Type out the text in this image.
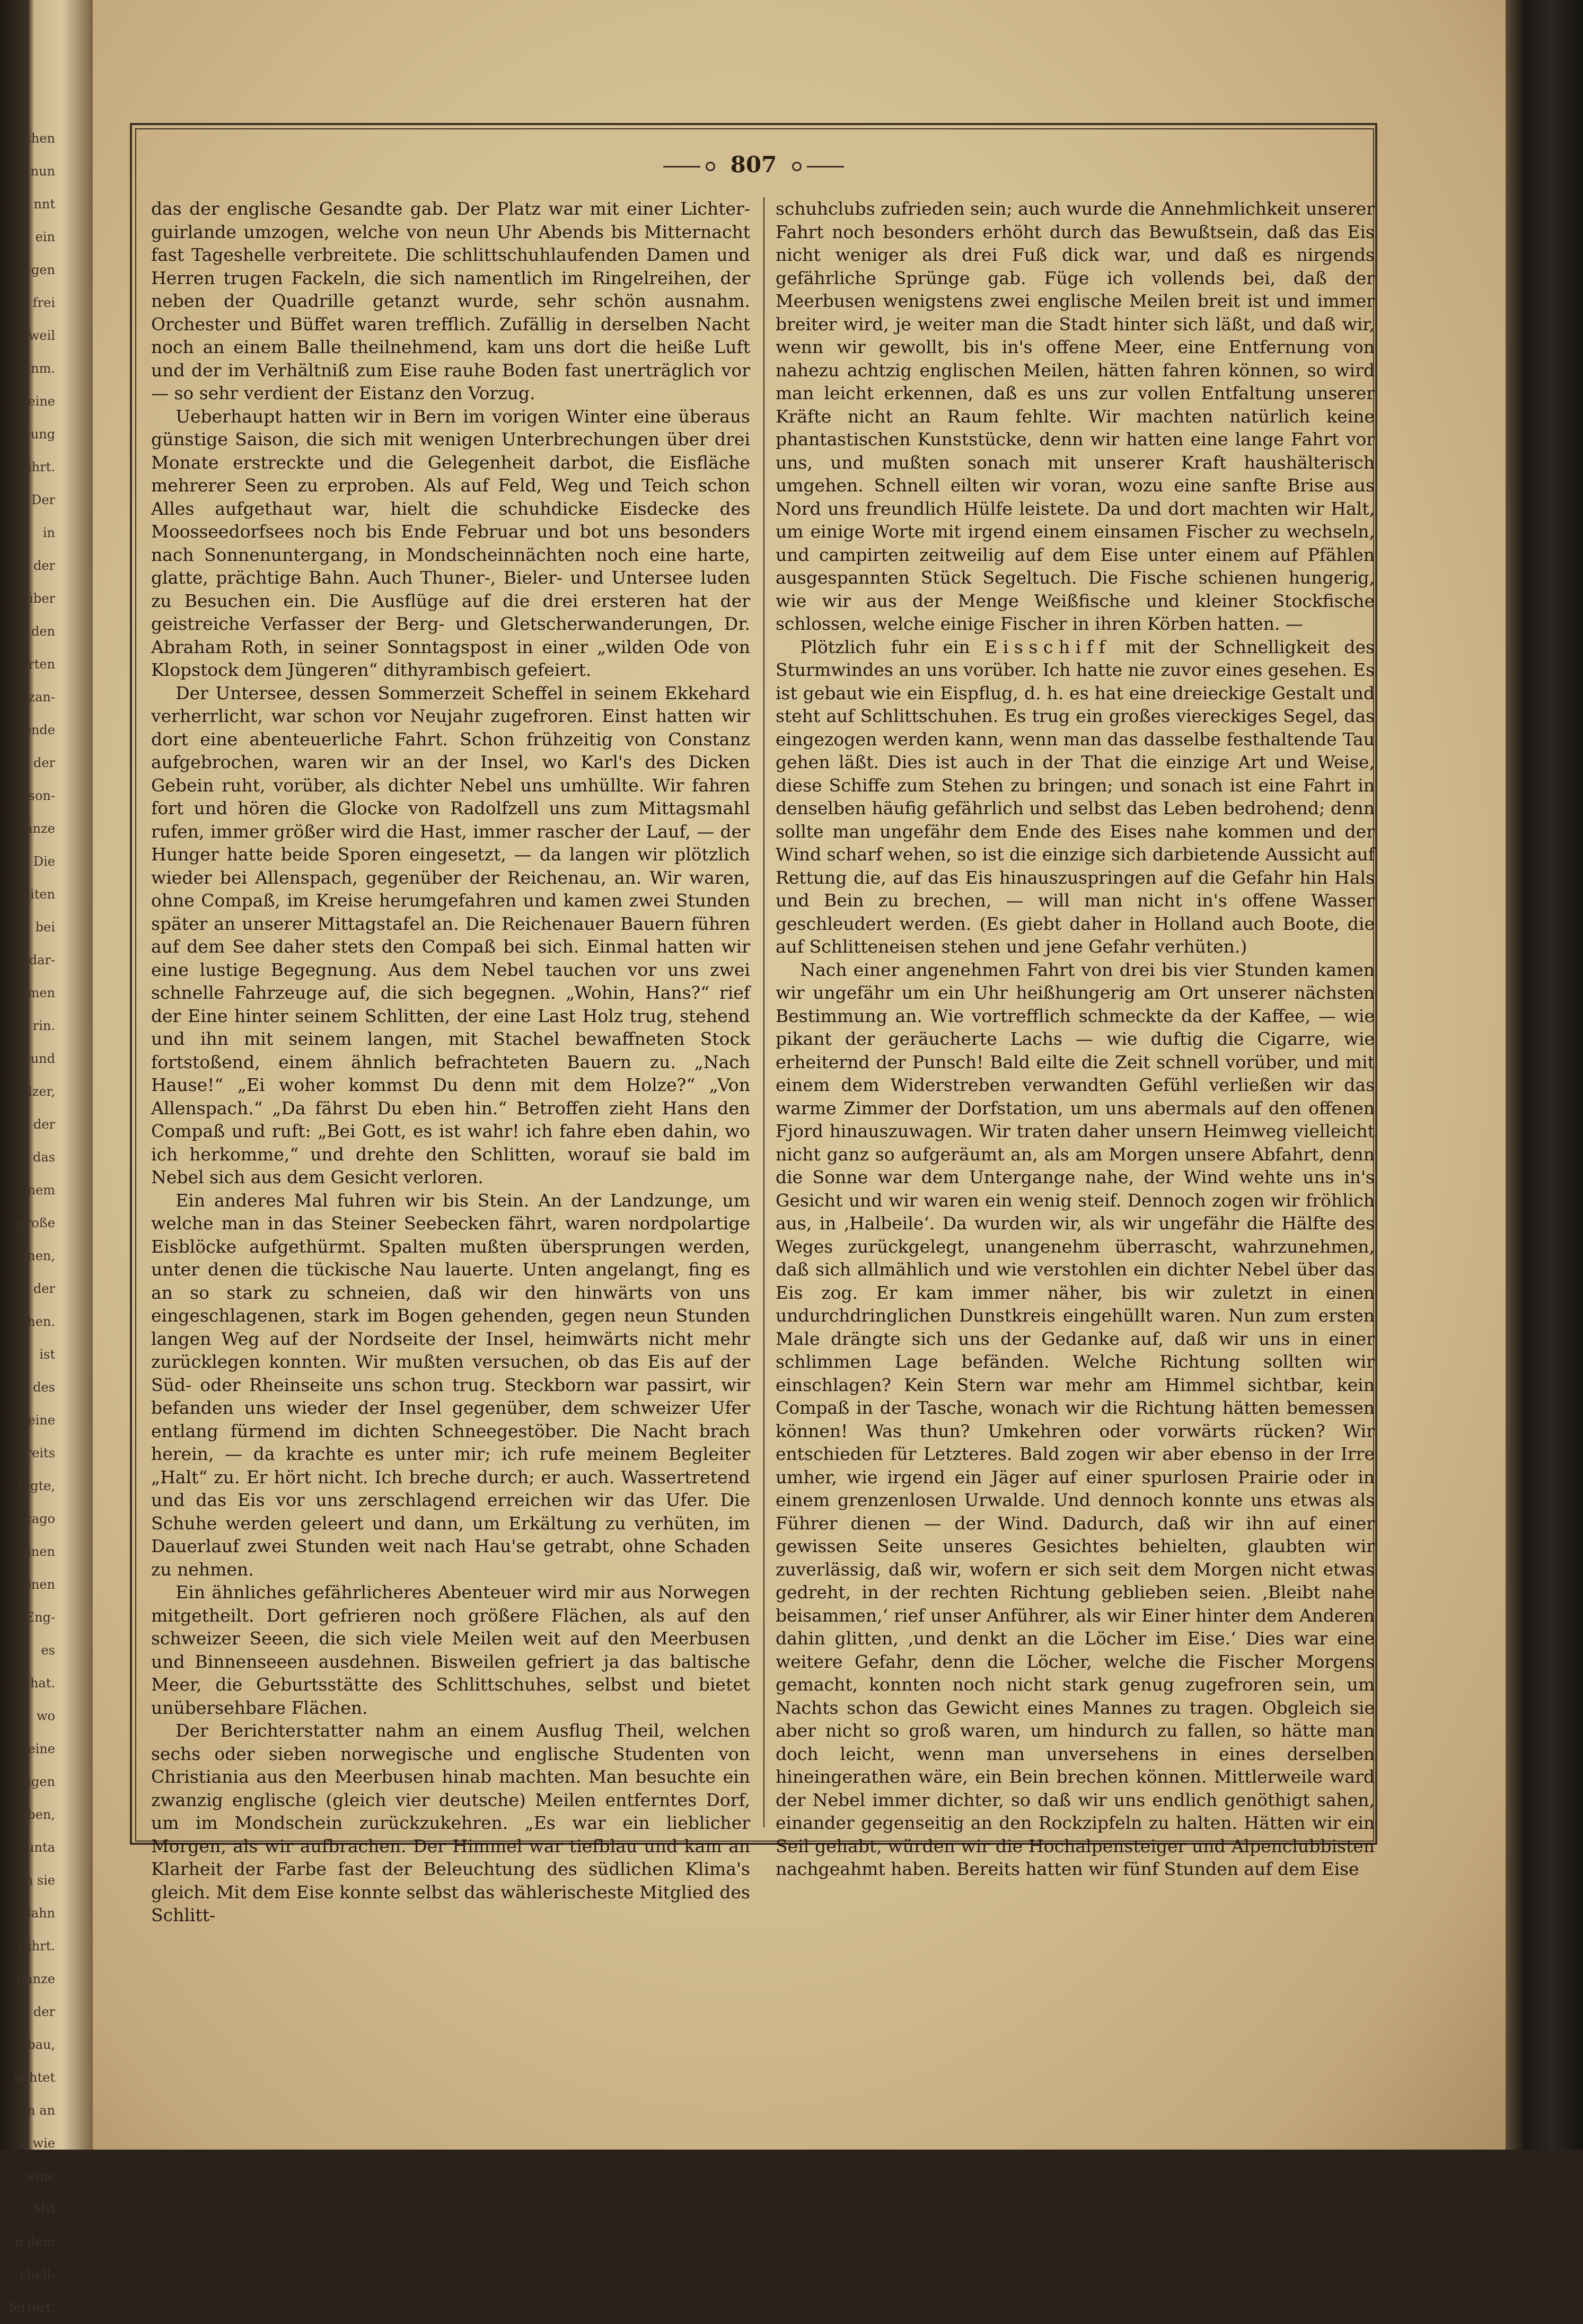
then
nun
nnt
ein
gen
frei
weil
nm.
eine
ung
ihrt.
Der
in
der
über
den
rten
zan-
ende
der
son-
änze
Die
eiten
bei
dar-
amen
rin.
und
lzer,
der
das
nem
große
onen,
der
chen.
ist
des
eine
reits
legte,
icago
nnen
sonen
Eng-
es
hat.
wo
eine
ingen
eben,
unta
n sie
Bahn
führt.
ganze
der
sbau,
uchtet
n an
e wie
eine
Mit
n dem
chell-
fertert.
807

das der englische Gesandte gab. Der Platz war mit einer Lichter-guirlande umzogen, welche von neun Uhr Abends bis Mitternacht fast Tageshelle verbreitete. Die schlittschuhlaufenden Damen und Herren trugen Fackeln, die sich namentlich im Ringelreihen, der neben der Quadrille getanzt wurde, sehr schön ausnahm. Orchester und Büffet waren trefflich. Zufällig in derselben Nacht noch an einem Balle theilnehmend, kam uns dort die heiße Luft und der im Verhältniß zum Eise rauhe Boden fast unerträglich vor — so sehr verdient der Eistanz den Vorzug.

Ueberhaupt hatten wir in Bern im vorigen Winter eine überaus günstige Saison, die sich mit wenigen Unterbrechungen über drei Monate erstreckte und die Gelegenheit darbot, die Eisfläche mehrerer Seen zu erproben. Als auf Feld, Weg und Teich schon Alles aufgethaut war, hielt die schuhdicke Eisdecke des Moosseedorfsees noch bis Ende Februar und bot uns besonders nach Sonnenuntergang, in Mondscheinnächten noch eine harte, glatte, prächtige Bahn. Auch Thuner-, Bieler- und Untersee luden zu Besuchen ein. Die Ausflüge auf die drei ersteren hat der geistreiche Verfasser der Berg- und Gletscherwanderungen, Dr. Abraham Roth, in seiner Sonntagspost in einer „wilden Ode von Klopstock dem Jüngeren“ dithyrambisch gefeiert.

Der Untersee, dessen Sommerzeit Scheffel in seinem Ekkehard verherrlicht, war schon vor Neujahr zugefroren. Einst hatten wir dort eine abenteuerliche Fahrt. Schon frühzeitig von Constanz aufgebrochen, waren wir an der Insel, wo Karl's des Dicken Gebein ruht, vorüber, als dichter Nebel uns umhüllte. Wir fahren fort und hören die Glocke von Radolfzell uns zum Mittagsmahl rufen, immer größer wird die Hast, immer rascher der Lauf, — der Hunger hatte beide Sporen eingesetzt, — da langen wir plötzlich wieder bei Allenspach, gegenüber der Reichenau, an. Wir waren, ohne Compaß, im Kreise herumgefahren und kamen zwei Stunden später an unserer Mittagstafel an. Die Reichenauer Bauern führen auf dem See daher stets den Compaß bei sich. Einmal hatten wir eine lustige Begegnung. Aus dem Nebel tauchen vor uns zwei schnelle Fahrzeuge auf, die sich begegnen. „Wohin, Hans?“ rief der Eine hinter seinem Schlitten, der eine Last Holz trug, stehend und ihn mit seinem langen, mit Stachel bewaffneten Stock fortstoßend, einem ähnlich befrachteten Bauern zu. „Nach Hause!“ „Ei woher kommst Du denn mit dem Holze?“ „Von Allenspach.“ „Da fährst Du eben hin.“ Betroffen zieht Hans den Compaß und ruft: „Bei Gott, es ist wahr! ich fahre eben dahin, wo ich herkomme,“ und drehte den Schlitten, worauf sie bald im Nebel sich aus dem Gesicht verloren.

Ein anderes Mal fuhren wir bis Stein. An der Landzunge, um welche man in das Steiner Seebecken fährt, waren nordpolartige Eisblöcke aufgethürmt. Spalten mußten übersprungen werden, unter denen die tückische Nau lauerte. Unten angelangt, fing es an so stark zu schneien, daß wir den hinwärts von uns eingeschlagenen, stark im Bogen gehenden, gegen neun Stunden langen Weg auf der Nordseite der Insel, heimwärts nicht mehr zurücklegen konnten. Wir mußten versuchen, ob das Eis auf der Süd- oder Rheinseite uns schon trug. Steckborn war passirt, wir befanden uns wieder der Insel gegenüber, dem schweizer Ufer entlang fürmend im dichten Schneegestöber. Die Nacht brach herein, — da krachte es unter mir; ich rufe meinem Begleiter „Halt“ zu. Er hört nicht. Ich breche durch; er auch. Wassertretend und das Eis vor uns zerschlagend erreichen wir das Ufer. Die Schuhe werden geleert und dann, um Erkältung zu verhüten, im Dauerlauf zwei Stunden weit nach Hau'se getrabt, ohne Schaden zu nehmen.

Ein ähnliches gefährlicheres Abenteuer wird mir aus Norwegen mitgetheilt. Dort gefrieren noch größere Flächen, als auf den schweizer Seeen, die sich viele Meilen weit auf den Meerbusen und Binnenseeen ausdehnen. Bisweilen gefriert ja das baltische Meer, die Geburtsstätte des Schlittschuhes, selbst und bietet unübersehbare Flächen.

Der Berichterstatter nahm an einem Ausflug Theil, welchen sechs oder sieben norwegische und englische Studenten von Christiania aus den Meerbusen hinab machten. Man besuchte ein zwanzig englische (gleich vier deutsche) Meilen entferntes Dorf, um im Mondschein zurückzukehren. „Es war ein lieblicher Morgen, als wir aufbrachen. Der Himmel war tiefblau und kam an Klarheit der Farbe fast der Beleuchtung des südlichen Klima's gleich. Mit dem Eise konnte selbst das wählerischeste Mitglied des Schlitt-

schuhclubs zufrieden sein; auch wurde die Annehmlichkeit unserer Fahrt noch besonders erhöht durch das Bewußtsein, daß das Eis nicht weniger als drei Fuß dick war, und daß es nirgends gefährliche Sprünge gab. Füge ich vollends bei, daß der Meerbusen wenigstens zwei englische Meilen breit ist und immer breiter wird, je weiter man die Stadt hinter sich läßt, und daß wir, wenn wir gewollt, bis in's offene Meer, eine Entfernung von nahezu achtzig englischen Meilen, hätten fahren können, so wird man leicht erkennen, daß es uns zur vollen Entfaltung unserer Kräfte nicht an Raum fehlte. Wir machten natürlich keine phantastischen Kunststücke, denn wir hatten eine lange Fahrt vor uns, und mußten sonach mit unserer Kraft haushälterisch umgehen. Schnell eilten wir voran, wozu eine sanfte Brise aus Nord uns freundlich Hülfe leistete. Da und dort machten wir Halt, um einige Worte mit irgend einem einsamen Fischer zu wechseln, und campirten zeitweilig auf dem Eise unter einem auf Pfählen ausgespannten Stück Segeltuch. Die Fische schienen hungerig, wie wir aus der Menge Weißfische und kleiner Stockfische schlossen, welche einige Fischer in ihren Körben hatten. —

Plötzlich fuhr ein Eisschiff mit der Schnelligkeit des Sturmwindes an uns vorüber. Ich hatte nie zuvor eines gesehen. Es ist gebaut wie ein Eispflug, d. h. es hat eine dreieckige Gestalt und steht auf Schlittschuhen. Es trug ein großes viereckiges Segel, das eingezogen werden kann, wenn man das dasselbe festhaltende Tau gehen läßt. Dies ist auch in der That die einzige Art und Weise, diese Schiffe zum Stehen zu bringen; und sonach ist eine Fahrt in denselben häufig gefährlich und selbst das Leben bedrohend; denn sollte man ungefähr dem Ende des Eises nahe kommen und der Wind scharf wehen, so ist die einzige sich darbietende Aussicht auf Rettung die, auf das Eis hinauszuspringen auf die Gefahr hin Hals und Bein zu brechen, — will man nicht in's offene Wasser geschleudert werden. (Es giebt daher in Holland auch Boote, die auf Schlitteneisen stehen und jene Gefahr verhüten.)

Nach einer angenehmen Fahrt von drei bis vier Stunden kamen wir ungefähr um ein Uhr heißhungerig am Ort unserer nächsten Bestimmung an. Wie vortrefflich schmeckte da der Kaffee, — wie pikant der geräucherte Lachs — wie duftig die Cigarre, wie erheiternd der Punsch! Bald eilte die Zeit schnell vorüber, und mit einem dem Widerstreben verwandten Gefühl verließen wir das warme Zimmer der Dorfstation, um uns abermals auf den offenen Fjord hinauszuwagen. Wir traten daher unsern Heimweg vielleicht nicht ganz so aufgeräumt an, als am Morgen unsere Abfahrt, denn die Sonne war dem Untergange nahe, der Wind wehte uns in's Gesicht und wir waren ein wenig steif. Dennoch zogen wir fröhlich aus, in ‚Halbeile‘. Da wurden wir, als wir ungefähr die Hälfte des Weges zurückgelegt, unangenehm überrascht, wahrzunehmen, daß sich allmählich und wie verstohlen ein dichter Nebel über das Eis zog. Er kam immer näher, bis wir zuletzt in einen undurchdringlichen Dunstkreis eingehüllt waren. Nun zum ersten Male drängte sich uns der Gedanke auf, daß wir uns in einer schlimmen Lage befänden. Welche Richtung sollten wir einschlagen? Kein Stern war mehr am Himmel sichtbar, kein Compaß in der Tasche, wonach wir die Richtung hätten bemessen können! Was thun? Umkehren oder vorwärts rücken? Wir entschieden für Letzteres. Bald zogen wir aber ebenso in der Irre umher, wie irgend ein Jäger auf einer spurlosen Prairie oder in einem grenzenlosen Urwalde. Und dennoch konnte uns etwas als Führer dienen — der Wind. Dadurch, daß wir ihn auf einer gewissen Seite unseres Gesichtes behielten, glaubten wir zuverlässig, daß wir, wofern er sich seit dem Morgen nicht etwas gedreht, in der rechten Richtung geblieben seien. ‚Bleibt nahe beisammen,‘ rief unser Anführer, als wir Einer hinter dem Anderen dahin glitten, ‚und denkt an die Löcher im Eise.‘ Dies war eine weitere Gefahr, denn die Löcher, welche die Fischer Morgens gemacht, konnten noch nicht stark genug zugefroren sein, um Nachts schon das Gewicht eines Mannes zu tragen. Obgleich sie aber nicht so groß waren, um hindurch zu fallen, so hätte man doch leicht, wenn man unversehens in eines derselben hineingerathen wäre, ein Bein brechen können. Mittlerweile ward der Nebel immer dichter, so daß wir uns endlich genöthigt sahen, einander gegenseitig an den Rockzipfeln zu halten. Hätten wir ein Seil gehabt, würden wir die Hochalpensteiger und Alpenclubbisten nachgeahmt haben. Bereits hatten wir fünf Stunden auf dem Eise
